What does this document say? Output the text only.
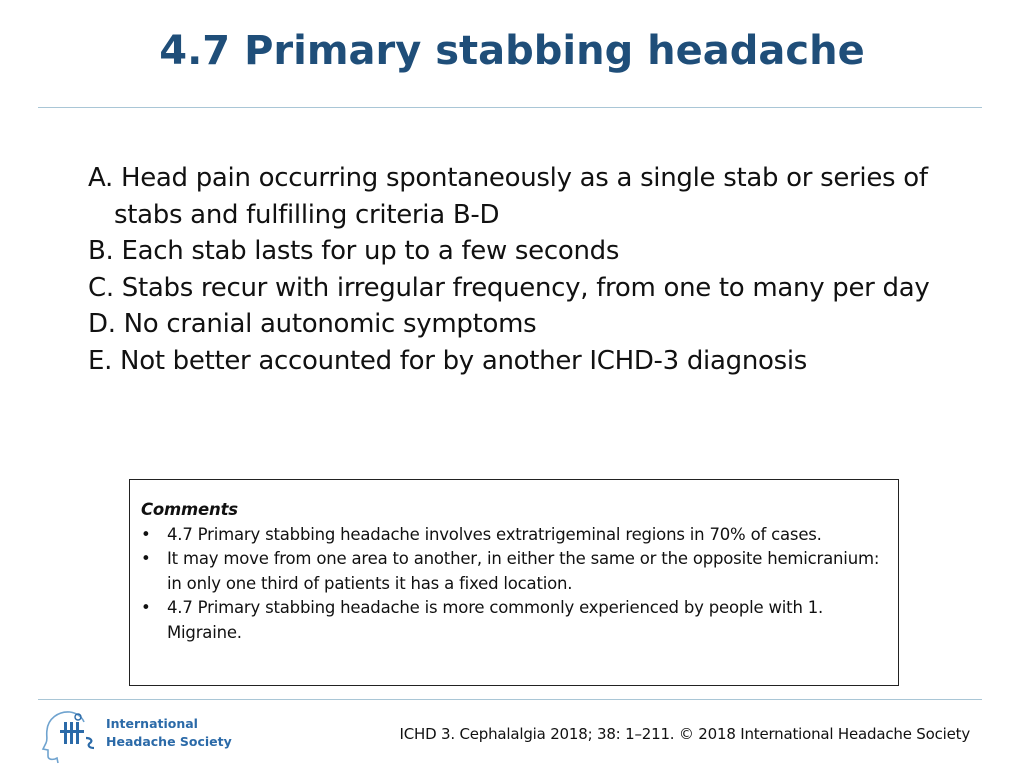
4.7 Primary stabbing headache
A. Head pain occurring spontaneously as a single stab or series of stabs and fulfilling criteria B-D
B. Each stab lasts for up to a few seconds
C. Stabs recur with irregular frequency, from one to many per day
D. No cranial autonomic symptoms
E. Not better accounted for by another ICHD-3 diagnosis

Comments

• 4.7 Primary stabbing headache involves extratrigeminal regions in 70% of cases.
• It may move from one area to another, in either the same or the opposite hemicranium: in only one third of patients it has a fixed location.
• 4.7 Primary stabbing headache is more commonly experienced by people with 1. Migraine.
International
Headache Society	ICHD 3. Cephalalgia 2018; 38: 1–211. © 2018 International Headache Society
